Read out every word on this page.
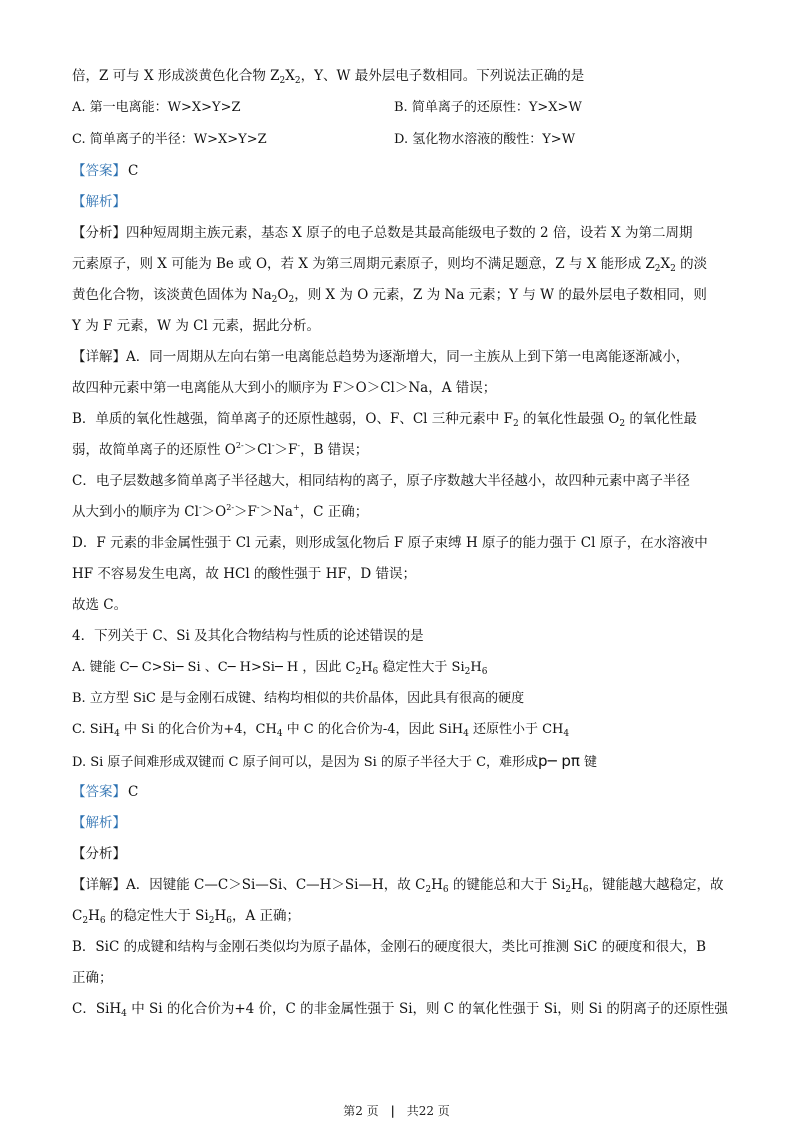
倍，Z 可与 X 形成淡黄色化合物 $Z_2X_2$，Y、W 最外层电子数相同。下列说法正确的是
A. 第一电离能：W>X>Y>Z	B. 简单离子的还原性：Y>X>W
C. 简单离子的半径：W>X>Y>Z	D. 氢化物水溶液的酸性：Y>W
【答案】 C
【解析】
【分析】四种短周期主族元素，基态 X 原子的电子总数是其最高能级电子数的 2 倍，设若 X 为第二周期
元素原子，则 X 可能为 Be 或 O，若 X 为第三周期元素原子，则均不满足题意，Z 与 X 能形成 $Z_2X_2$ 的淡
黄色化合物，该淡黄色固体为 $Na_2O_2$，则 X 为 O 元素，Z 为 Na 元素；Y 与 W 的最外层电子数相同，则
Y 为 F 元素，W 为 Cl 元素，据此分析。
【详解】A．同一周期从左向右第一电离能总趋势为逐渐增大，同一主族从上到下第一电离能逐渐减小，
故四种元素中第一电离能从大到小的顺序为 F＞O＞Cl＞Na，A 错误；
B．单质的氧化性越强，简单离子的还原性越弱，O、F、Cl 三种元素中 $F_2$ 的氧化性最强 $O_2$ 的氧化性最
弱，故简单离子的还原性 $O^{2-}>Cl^->F^-$，B 错误；
C．电子层数越多简单离子半径越大，相同结构的离子，原子序数越大半径越小，故四种元素中离子半径
从大到小的顺序为 $Cl^->O^{2-}>F^->Na^+$，C 正确；
D．F 元素的非金属性强于 Cl 元素，则形成氢化物后 F 原子束缚 H 原子的能力强于 Cl 原子，在水溶液中
HF 不容易发生电离，故 HCl 的酸性强于 HF，D 错误；
故选 C。
4．下列关于 C、Si 及其化合物结构与性质的论述错误的是
A. 键能 C─ C>Si─ Si 、C─ H>Si─ H ，因此 $C_2H_6$ 稳定性大于 $Si_2H_6$
B. 立方型 SiC 是与金刚石成键、结构均相似的共价晶体，因此具有很高的硬度
C. SiH$_4$ 中 Si 的化合价为+4，$CH_4$ 中 C 的化合价为-4，因此 SiH$_4$ 还原性小于 $CH_4$
D. Si 原子间难形成双键而 C 原子间可以，是因为 Si 的原子半径大于 C，难形成p─ pπ 键
【答案】 C
【解析】
【分析】
【详解】A．因键能 C—C＞Si—Si、C—H＞Si—H，故 $C_2H_6$ 的键能总和大于 $Si_2H_6$，键能越大越稳定，故
$C_2H_6$ 的稳定性大于 $Si_2H_6$，A 正确；
B．SiC 的成键和结构与金刚石类似均为原子晶体，金刚石的硬度很大，类比可推测 SiC 的硬度和很大，B
正确；
C．SiH$_4$ 中 Si 的化合价为+4 价，C 的非金属性强于 Si，则 C 的氧化性强于 Si，则 Si 的阴离子的还原性强
第2 页 | 共22 页
